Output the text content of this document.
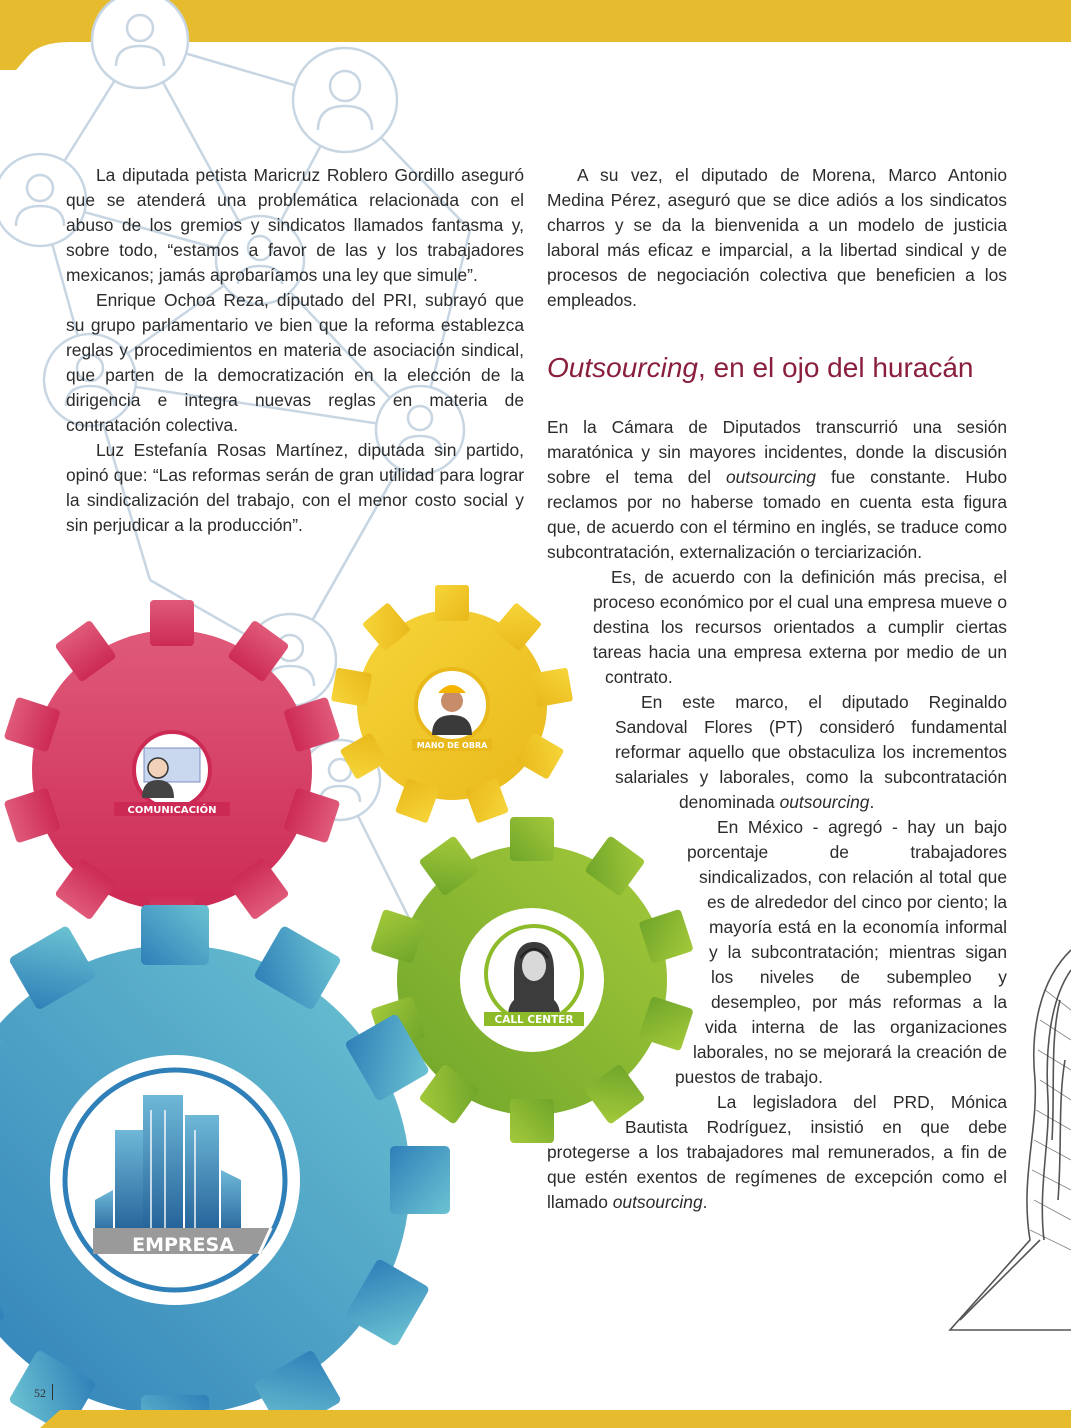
COMUNICACIÓN
MANO DE OBRA
CALL CENTER
EMPRESA

La diputada petista Maricruz Roblero Gordillo aseguró que se atenderá una problemática relacionada con el abuso de los gremios y sindicatos llamados fantasma y, sobre todo, “estamos a favor de las y los trabajadores mexicanos; jamás aprobaríamos una ley que simule”.

Enrique Ochoa Reza, diputado del PRI, subrayó que su grupo parlamentario ve bien que la reforma establezca reglas y procedimientos en materia de asociación sindical, que parten de la democratización en la elección de la dirigencia e integra nuevas reglas en materia de contratación colectiva.

Luz Estefanía Rosas Martínez, diputada sin partido, opinó que: “Las reformas serán de gran utilidad para lograr la sindicalización del trabajo, con el menor costo social y sin perjudicar a la producción”.

A su vez, el diputado de Morena, Marco Antonio Medina Pérez, aseguró que se dice adiós a los sindicatos charros y se da la bienvenida a un modelo de justicia laboral más eficaz e imparcial, a la libertad sindical y de procesos de negociación colectiva que beneficien a los empleados.

Outsourcing, en el ojo del huracán

En la Cámara de Diputados transcurrió una sesión maratónica y sin mayores incidentes, donde la discusión sobre el tema del outsourcing fue constante. Hubo reclamos por no haberse tomado en cuenta esta figura que, de acuerdo con el término en inglés, se traduce como subcontratación, externalización o terciarización.

Es, de acuerdo con la definición más precisa, el proceso económico por el cual una empresa mueve o destina los recursos orientados a cumplir ciertas tareas hacia una empresa externa por medio de un contrato.

En este marco, el diputado Reginaldo Sandoval Flores (PT) consideró fundamental reformar aquello que obstaculiza los incrementos salariales y laborales, como la subcontratación denominada outsourcing.

En México - agregó - hay un bajo porcentaje de trabajadores sindicalizados, con relación al total que es de alrededor del cinco por ciento; la mayoría está en la economía informal y la subcontratación; mientras sigan los niveles de subempleo y desempleo, por más reformas a la vida interna de las organizaciones laborales, no se mejorará la creación de puestos de trabajo.

La legisladora del PRD, Mónica Bautista Rodríguez, insistió en que debe protegerse a los trabajadores mal remunerados, a fin de que estén exentos de regímenes de excepción como el llamado outsourcing.

52
